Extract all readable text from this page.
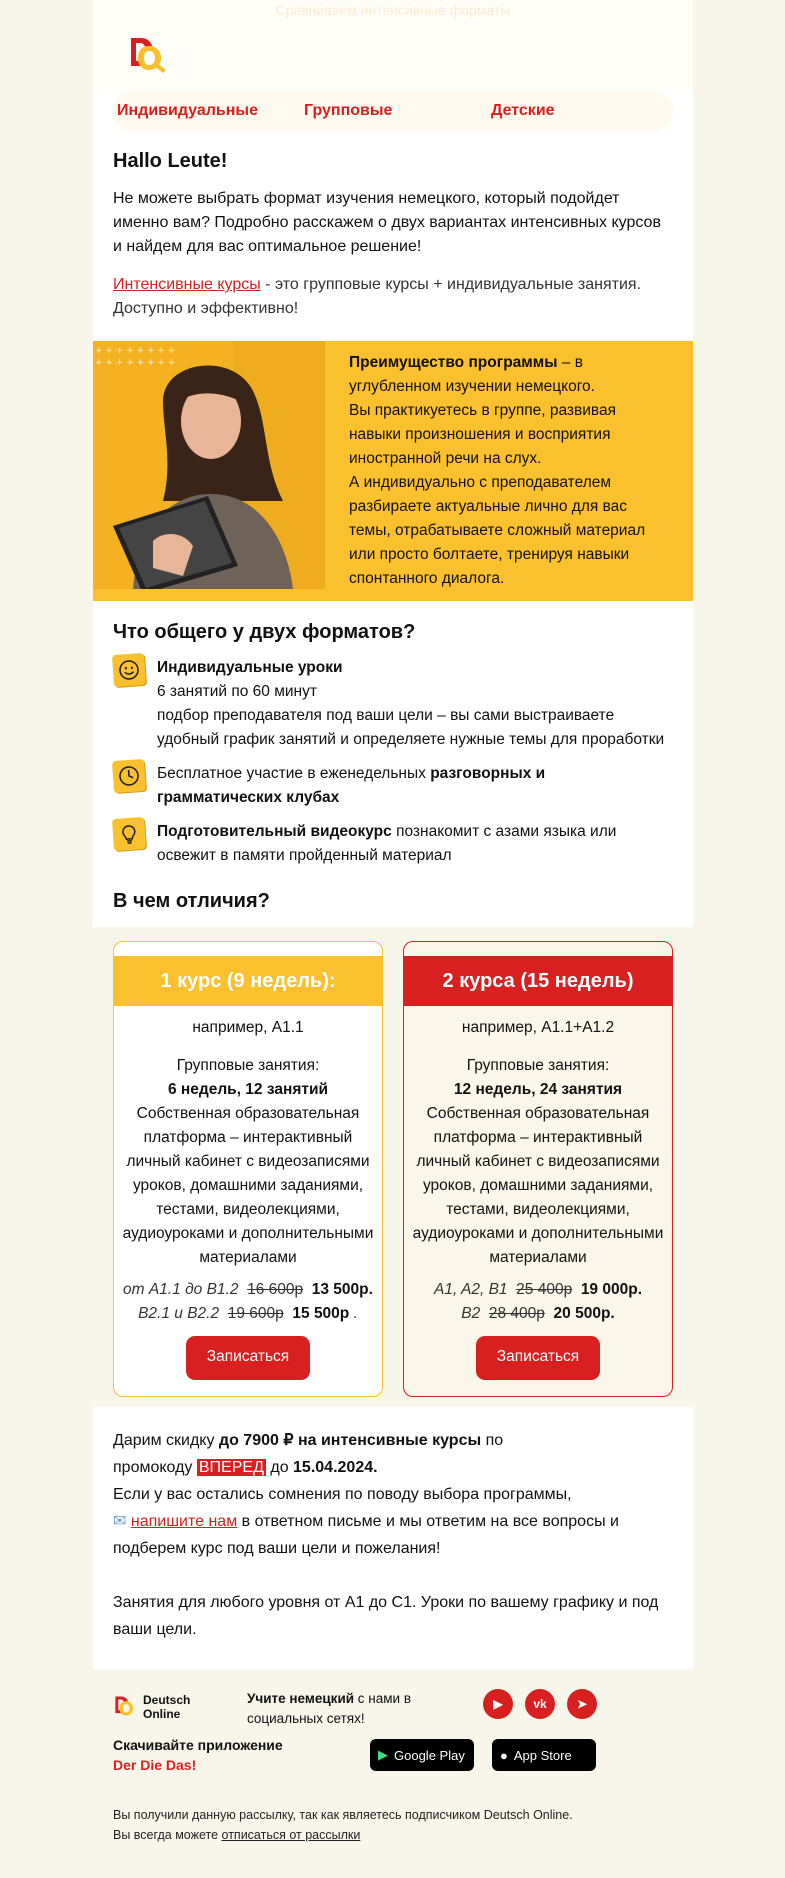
Сравниваем интенсивные форматы
Индивидуальные	Групповые	Детские
Hallo Leute!

Не можете выбрать формат изучения немецкого, который подойдет именно вам? Подробно расскажем о двух вариантах интенсивных курсов и найдем для вас оптимальное решение!

Интенсивные курсы - это групповые курсы + индивидуальные занятия. Доступно и эффективно!

+ + + + + + + +
+ + + + + + + +	Преимущество программы – в углубленном изучении немецкого.
Вы практикуетесь в группе, развивая навыки произношения и восприятия иностранной речи на слух.
А индивидуально с преподавателем разбираете актуальные лично для вас темы, отрабатываете сложный материал или просто болтаете, тренируя навыки спонтанного диалога.
Что общего у двух форматов?
Индивидуальные уроки
6 занятий по 60 минут
подбор преподавателя под ваши цели – вы сами выстраиваете удобный график занятий и определяете нужные темы для проработки
Бесплатное участие в еженедельных разговорных и грамматических клубах
Подготовительный видеокурс познакомит с азами языка или освежит в памяти пройденный материал
В чем отличия?
1 курс (9 недель):
например, A1.1
Групповые занятия:
6 недель, 12 занятий
Собственная образовательная платформа – интерактивный личный кабинет с видеозаписями уроков, домашними заданиями, тестами, видеолекциями, аудиоуроками и дополнительными материалами
от A1.1 до B1.2 16 600р 13 500р.
B2.1 и B2.2 19 600р 15 500р .
Записаться
2 курса (15 недель)
например, A1.1+A1.2
Групповые занятия:
12 недель, 24 занятия
Собственная образовательная платформа – интерактивный личный кабинет с видеозаписями уроков, домашними заданиями, тестами, видеолекциями, аудиоуроками и дополнительными материалами
A1, A2, B1 25 400р 19 000р.
B2 28 400р 20 500р.
Записаться
Дарим скидку до 7900 ₽ на интенсивные курсы по
промокоду ВПЕРЕД до 15.04.2024.
Если у вас остались сомнения по поводу выбора программы,
✉ напишите нам в ответном письме и мы ответим на все вопросы и подберем курс под ваши цели и пожелания!
Занятия для любого уровня от А1 до С1. Уроки по вашему графику и под ваши цели.
Deutsch
Online
Учите немецкий с нами в социальных сетях!
▶	vk	➤
Скачивайте приложение
Der Die Das!
▶ Google Play	● App Store
Вы получили данную рассылку, так как являетесь подписчиком Deutsch Online.
Вы всегда можете отписаться от рассылки
